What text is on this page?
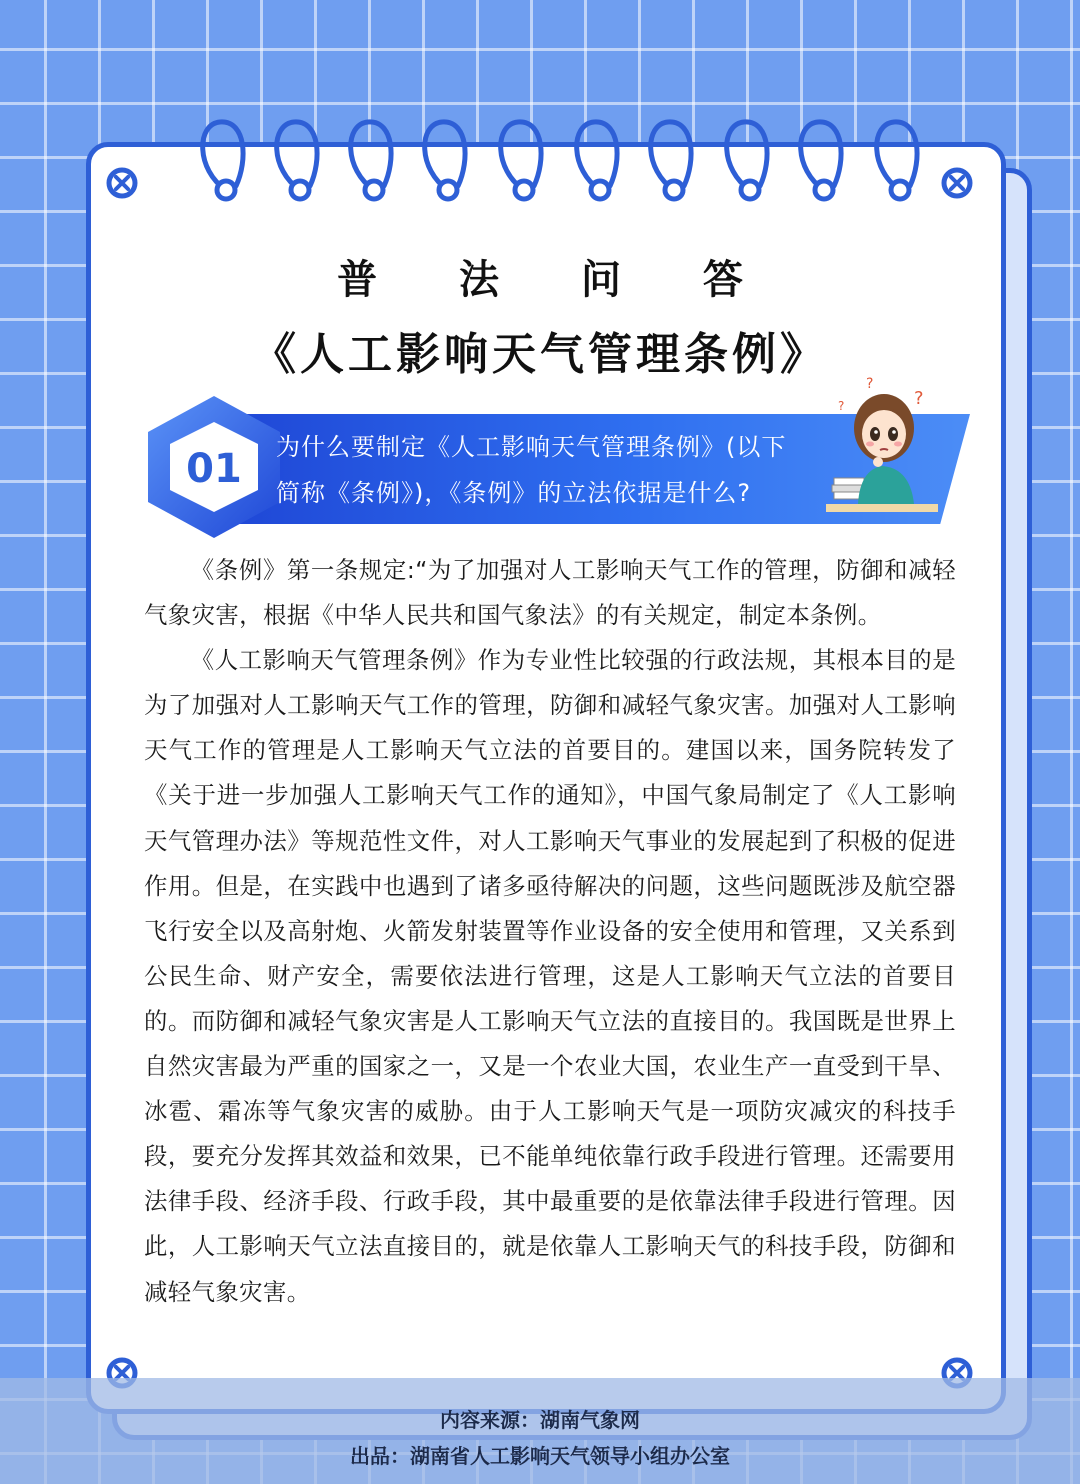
普 法 问 答
《人工影响天气管理条例》
01 为什么要制定《人工影响天气管理条例》(以下
简称《条例》)，《条例》的立法依据是什么?
?
?
?

《条例》第一条规定:“为了加强对人工影响天气工作的管理，防御和减轻气象灾害，根据《中华人民共和国气象法》的有关规定，制定本条例。

《人工影响天气管理条例》作为专业性比较强的行政法规，其根本目的是为了加强对人工影响天气工作的管理，防御和减轻气象灾害。加强对人工影响天气工作的管理是人工影响天气立法的首要目的。建国以来，国务院转发了《关于进一步加强人工影响天气工作的通知》，中国气象局制定了《人工影响天气管理办法》等规范性文件，对人工影响天气事业的发展起到了积极的促进作用。但是，在实践中也遇到了诸多亟待解决的问题，这些问题既涉及航空器飞行安全以及高射炮、火箭发射装置等作业设备的安全使用和管理，又关系到公民生命、财产安全，需要依法进行管理，这是人工影响天气立法的首要目的。而防御和减轻气象灾害是人工影响天气立法的直接目的。我国既是世界上自然灾害最为严重的国家之一，又是一个农业大国，农业生产一直受到干旱、冰雹、霜冻等气象灾害的威胁。由于人工影响天气是一项防灾减灾的科技手段，要充分发挥其效益和效果，已不能单纯依靠行政手段进行管理。还需要用法律手段、经济手段、行政手段，其中最重要的是依靠法律手段进行管理。因此，人工影响天气立法直接目的，就是依靠人工影响天气的科技手段，防御和减轻气象灾害。

内容来源：湖南气象网
出品：湖南省人工影响天气领导小组办公室
